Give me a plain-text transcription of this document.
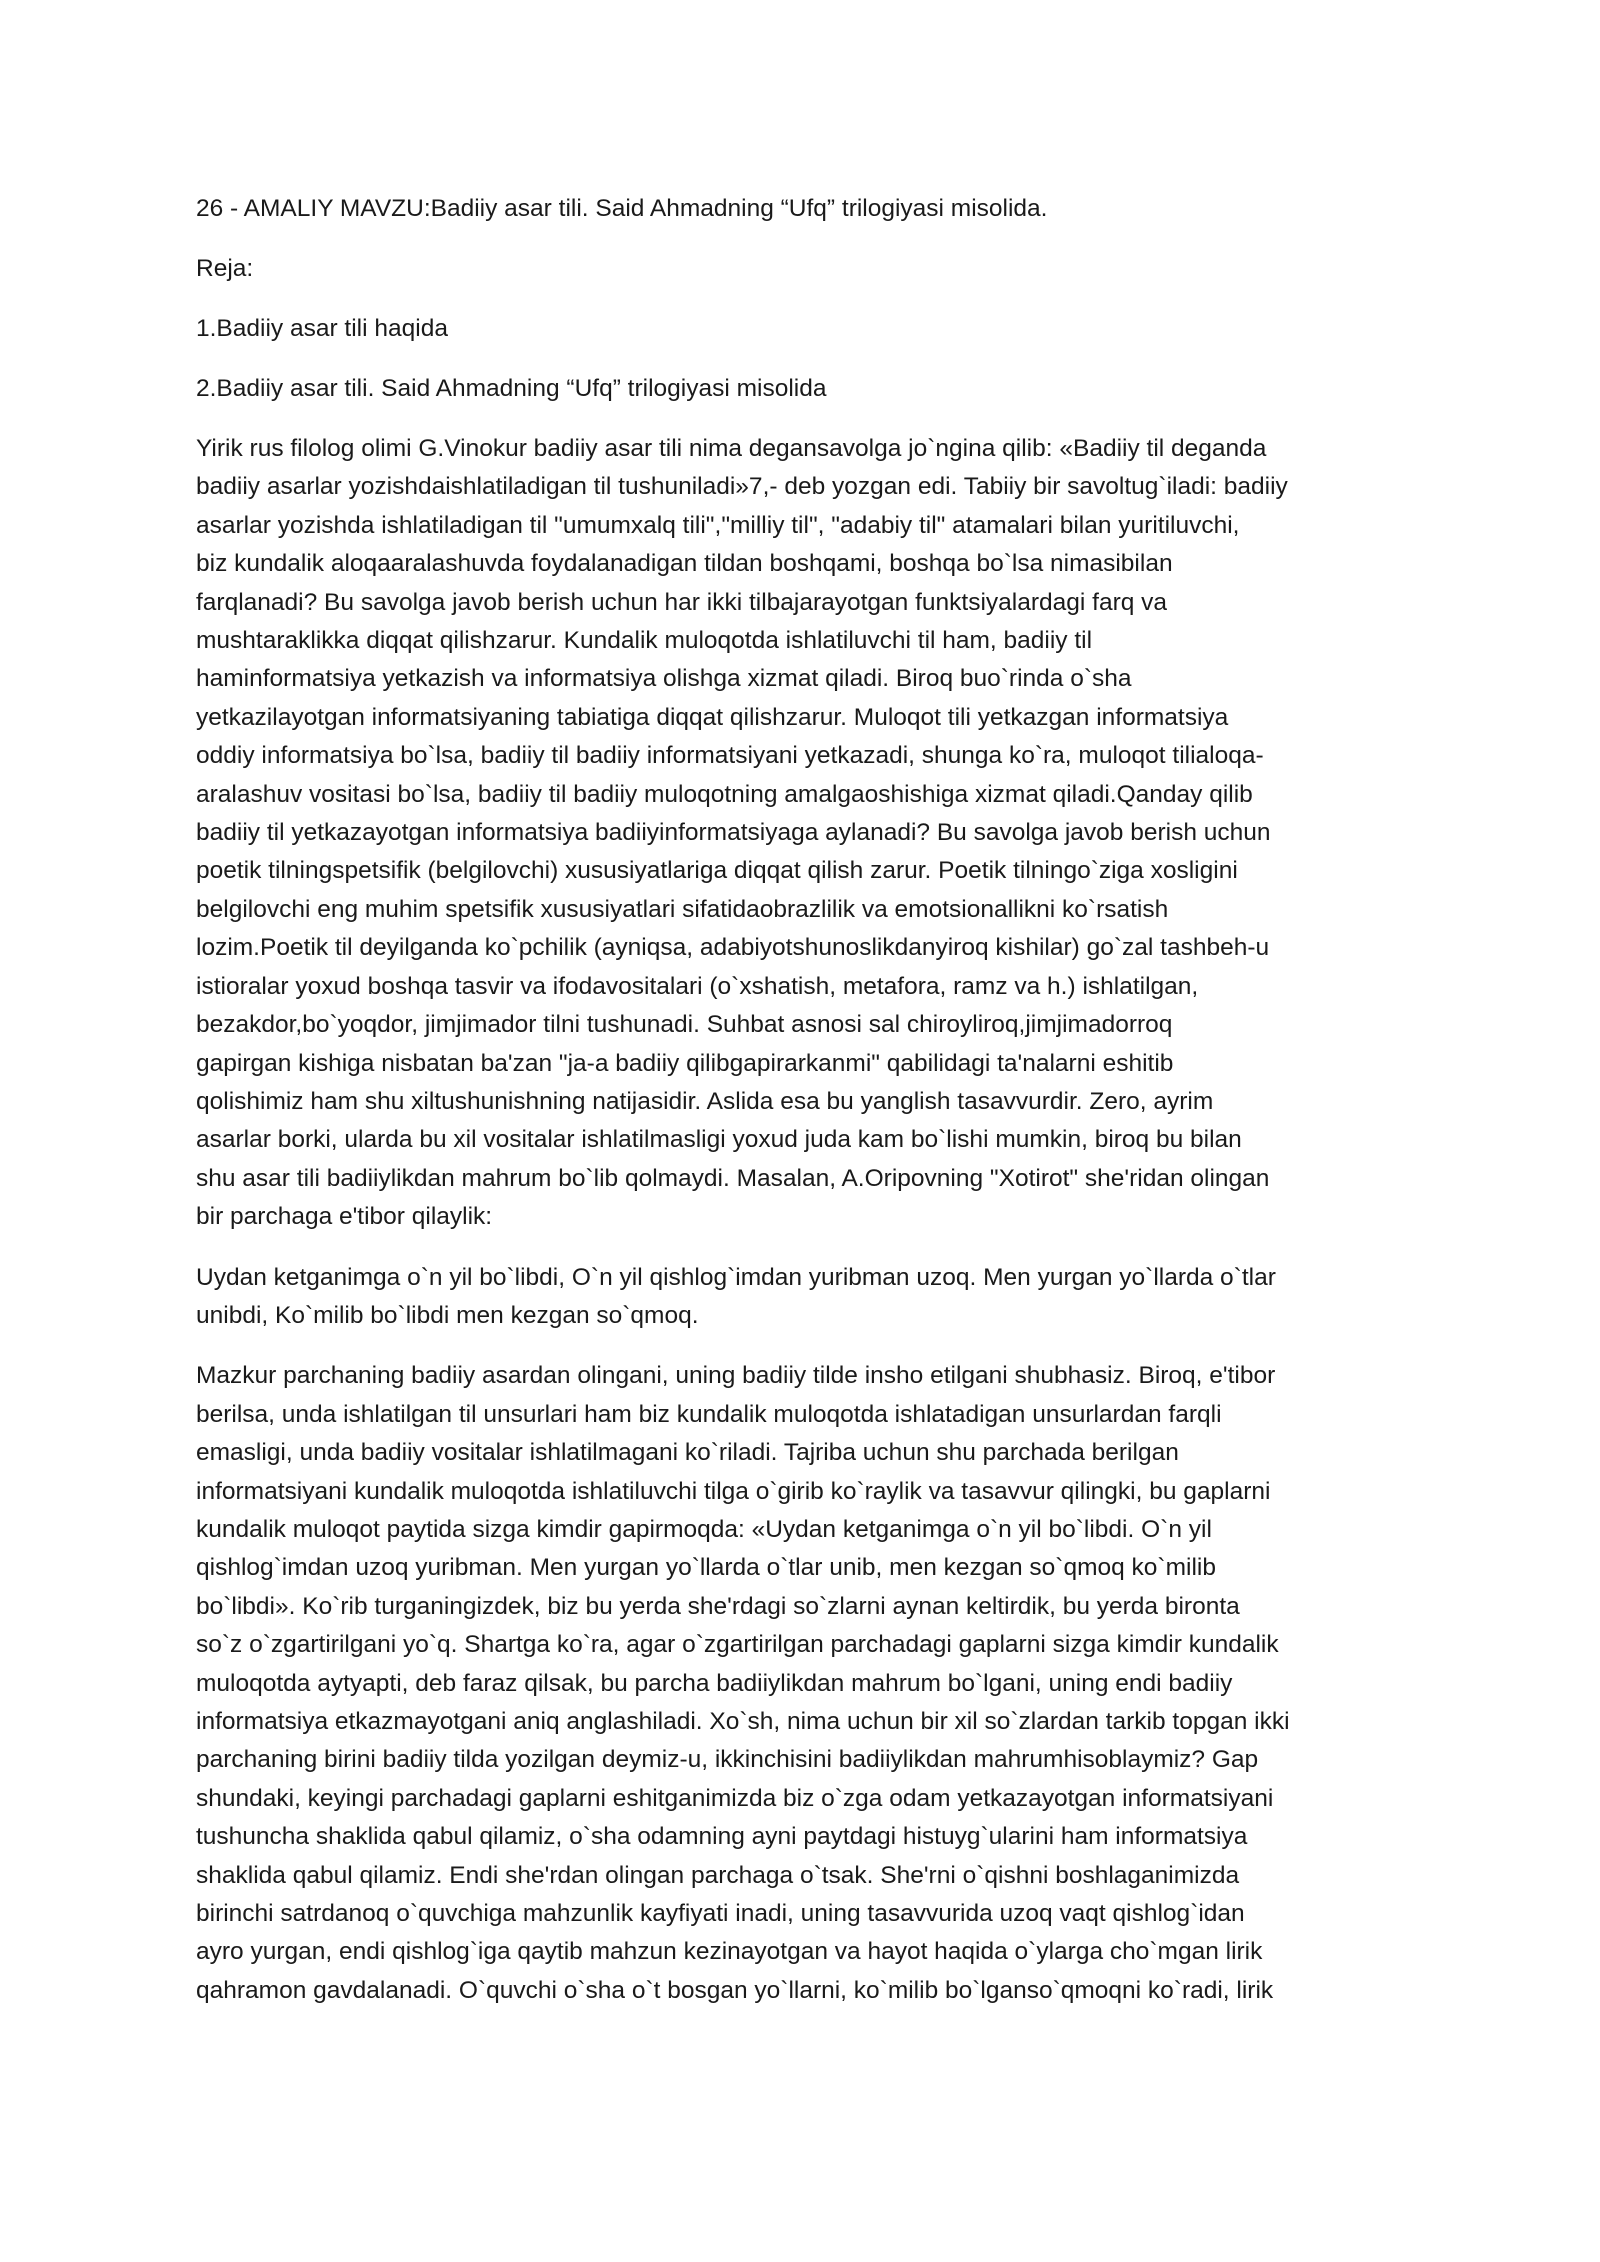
26 - AMALIY MAVZU:Badiiy asar tili. Said Ahmadning “Ufq” trilogiyasi misolida.

Reja:

1.Badiiy asar tili haqida

2.Badiiy asar tili. Said Ahmadning “Ufq” trilogiyasi misolida

Yirik rus filolog olimi G.Vinokur badiiy asar tili nima degansavolga jo`ngina qilib: «Badiiy til deganda
badiiy asarlar yozishdaishlatiladigan til tushuniladi»7,- deb yozgan edi. Tabiiy bir savoltug`iladi: badiiy
asarlar yozishda ishlatiladigan til "umumxalq tili","milliy til", "adabiy til" atamalari bilan yuritiluvchi,
biz kundalik aloqaaralashuvda foydalanadigan tildan boshqami, boshqa bo`lsa nimasibilan
farqlanadi? Bu savolga javob berish uchun har ikki tilbajarayotgan funktsiyalardagi farq va
mushtaraklikka diqqat qilishzarur. Kundalik muloqotda ishlatiluvchi til ham, badiiy til
haminformatsiya yetkazish va informatsiya olishga xizmat qiladi. Biroq buo`rinda o`sha
yetkazilayotgan informatsiyaning tabiatiga diqqat qilishzarur. Muloqot tili yetkazgan informatsiya
oddiy informatsiya bo`lsa, badiiy til badiiy informatsiyani yetkazadi, shunga ko`ra, muloqot tilialoqa-
aralashuv vositasi bo`lsa, badiiy til badiiy muloqotning amalgaoshishiga xizmat qiladi.Qanday qilib
badiiy til yetkazayotgan informatsiya badiiyinformatsiyaga aylanadi? Bu savolga javob berish uchun
poetik tilningspetsifik (belgilovchi) xususiyatlariga diqqat qilish zarur. Poetik tilningo`ziga xosligini
belgilovchi eng muhim spetsifik xususiyatlari sifatidaobrazlilik va emotsionallikni ko`rsatish
lozim.Poetik til deyilganda ko`pchilik (ayniqsa, adabiyotshunoslikdanyiroq kishilar) go`zal tashbeh-u
istioralar yoxud boshqa tasvir va ifodavositalari (o`xshatish, metafora, ramz va h.) ishlatilgan,
bezakdor,bo`yoqdor, jimjimador tilni tushunadi. Suhbat asnosi sal chiroyliroq,jimjimadorroq
gapirgan kishiga nisbatan ba'zan "ja-a badiiy qilibgapirarkanmi" qabilidagi ta'nalarni eshitib
qolishimiz ham shu xiltushunishning natijasidir. Aslida esa bu yanglish tasavvurdir. Zero, ayrim
asarlar borki, ularda bu xil vositalar ishlatilmasligi yoxud juda kam bo`lishi mumkin, biroq bu bilan
shu asar tili badiiylikdan mahrum bo`lib qolmaydi. Masalan, A.Oripovning "Xotirot" she'ridan olingan
bir parchaga e'tibor qilaylik:
Uydan ketganimga o`n yil bo`libdi, O`n yil qishlog`imdan yuribman uzoq. Men yurgan yo`llarda o`tlar
unibdi, Ko`milib bo`libdi men kezgan so`qmoq.
Mazkur parchaning badiiy asardan olingani, uning badiiy tilde insho etilgani shubhasiz. Biroq, e'tibor
berilsa, unda ishlatilgan til unsurlari ham biz kundalik muloqotda ishlatadigan unsurlardan farqli
emasligi, unda badiiy vositalar ishlatilmagani ko`riladi. Tajriba uchun shu parchada berilgan
informatsiyani kundalik muloqotda ishlatiluvchi tilga o`girib ko`raylik va tasavvur qilingki, bu gaplarni
kundalik muloqot paytida sizga kimdir gapirmoqda: «Uydan ketganimga o`n yil bo`libdi. O`n yil
qishlog`imdan uzoq yuribman. Men yurgan yo`llarda o`tlar unib, men kezgan so`qmoq ko`milib
bo`libdi». Ko`rib turganingizdek, biz bu yerda she'rdagi so`zlarni aynan keltirdik, bu yerda bironta
so`z o`zgartirilgani yo`q. Shartga ko`ra, agar o`zgartirilgan parchadagi gaplarni sizga kimdir kundalik
muloqotda aytyapti, deb faraz qilsak, bu parcha badiiylikdan mahrum bo`lgani, uning endi badiiy
informatsiya etkazmayotgani aniq anglashiladi. Xo`sh, nima uchun bir xil so`zlardan tarkib topgan ikki
parchaning birini badiiy tilda yozilgan deymiz-u, ikkinchisini badiiylikdan mahrumhisoblaymiz? Gap
shundaki, keyingi parchadagi gaplarni eshitganimizda biz o`zga odam yetkazayotgan informatsiyani
tushuncha shaklida qabul qilamiz, o`sha odamning ayni paytdagi histuyg`ularini ham informatsiya
shaklida qabul qilamiz. Endi she'rdan olingan parchaga o`tsak. She'rni o`qishni boshlaganimizda
birinchi satrdanoq o`quvchiga mahzunlik kayfiyati inadi, uning tasavvurida uzoq vaqt qishlog`idan
ayro yurgan, endi qishlog`iga qaytib mahzun kezinayotgan va hayot haqida o`ylarga cho`mgan lirik
qahramon gavdalanadi. O`quvchi o`sha o`t bosgan yo`llarni, ko`milib bo`lganso`qmoqni ko`radi, lirik
